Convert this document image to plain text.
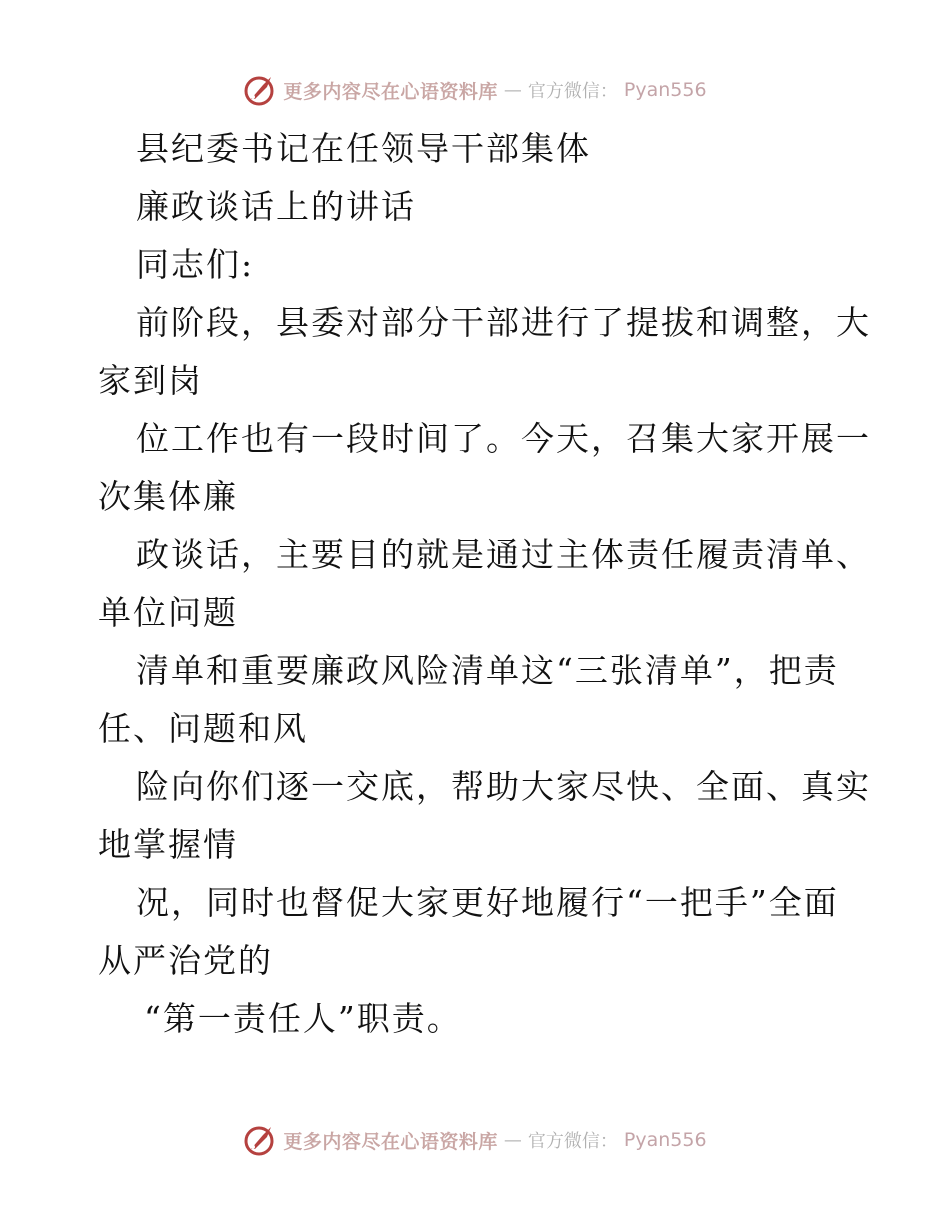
更多内容尽在心语资料库 — 官方微信： Pyan556
县纪委书记在任领导干部集体
廉政谈话上的讲话
同志们:
前阶段，县委对部分干部进行了提拔和调整，大
家到岗
位工作也有一段时间了。今天，召集大家开展一
次集体廉
政谈话，主要目的就是通过主体责任履责清单、
单位问题
清单和重要廉政风险清单这“三张清单”，把责
任、问题和风
险向你们逐一交底，帮助大家尽快、全面、真实
地掌握情
况，同时也督促大家更好地履行“一把手”全面
从严治党的
“第一责任人”职责。
更多内容尽在心语资料库 — 官方微信： Pyan556
